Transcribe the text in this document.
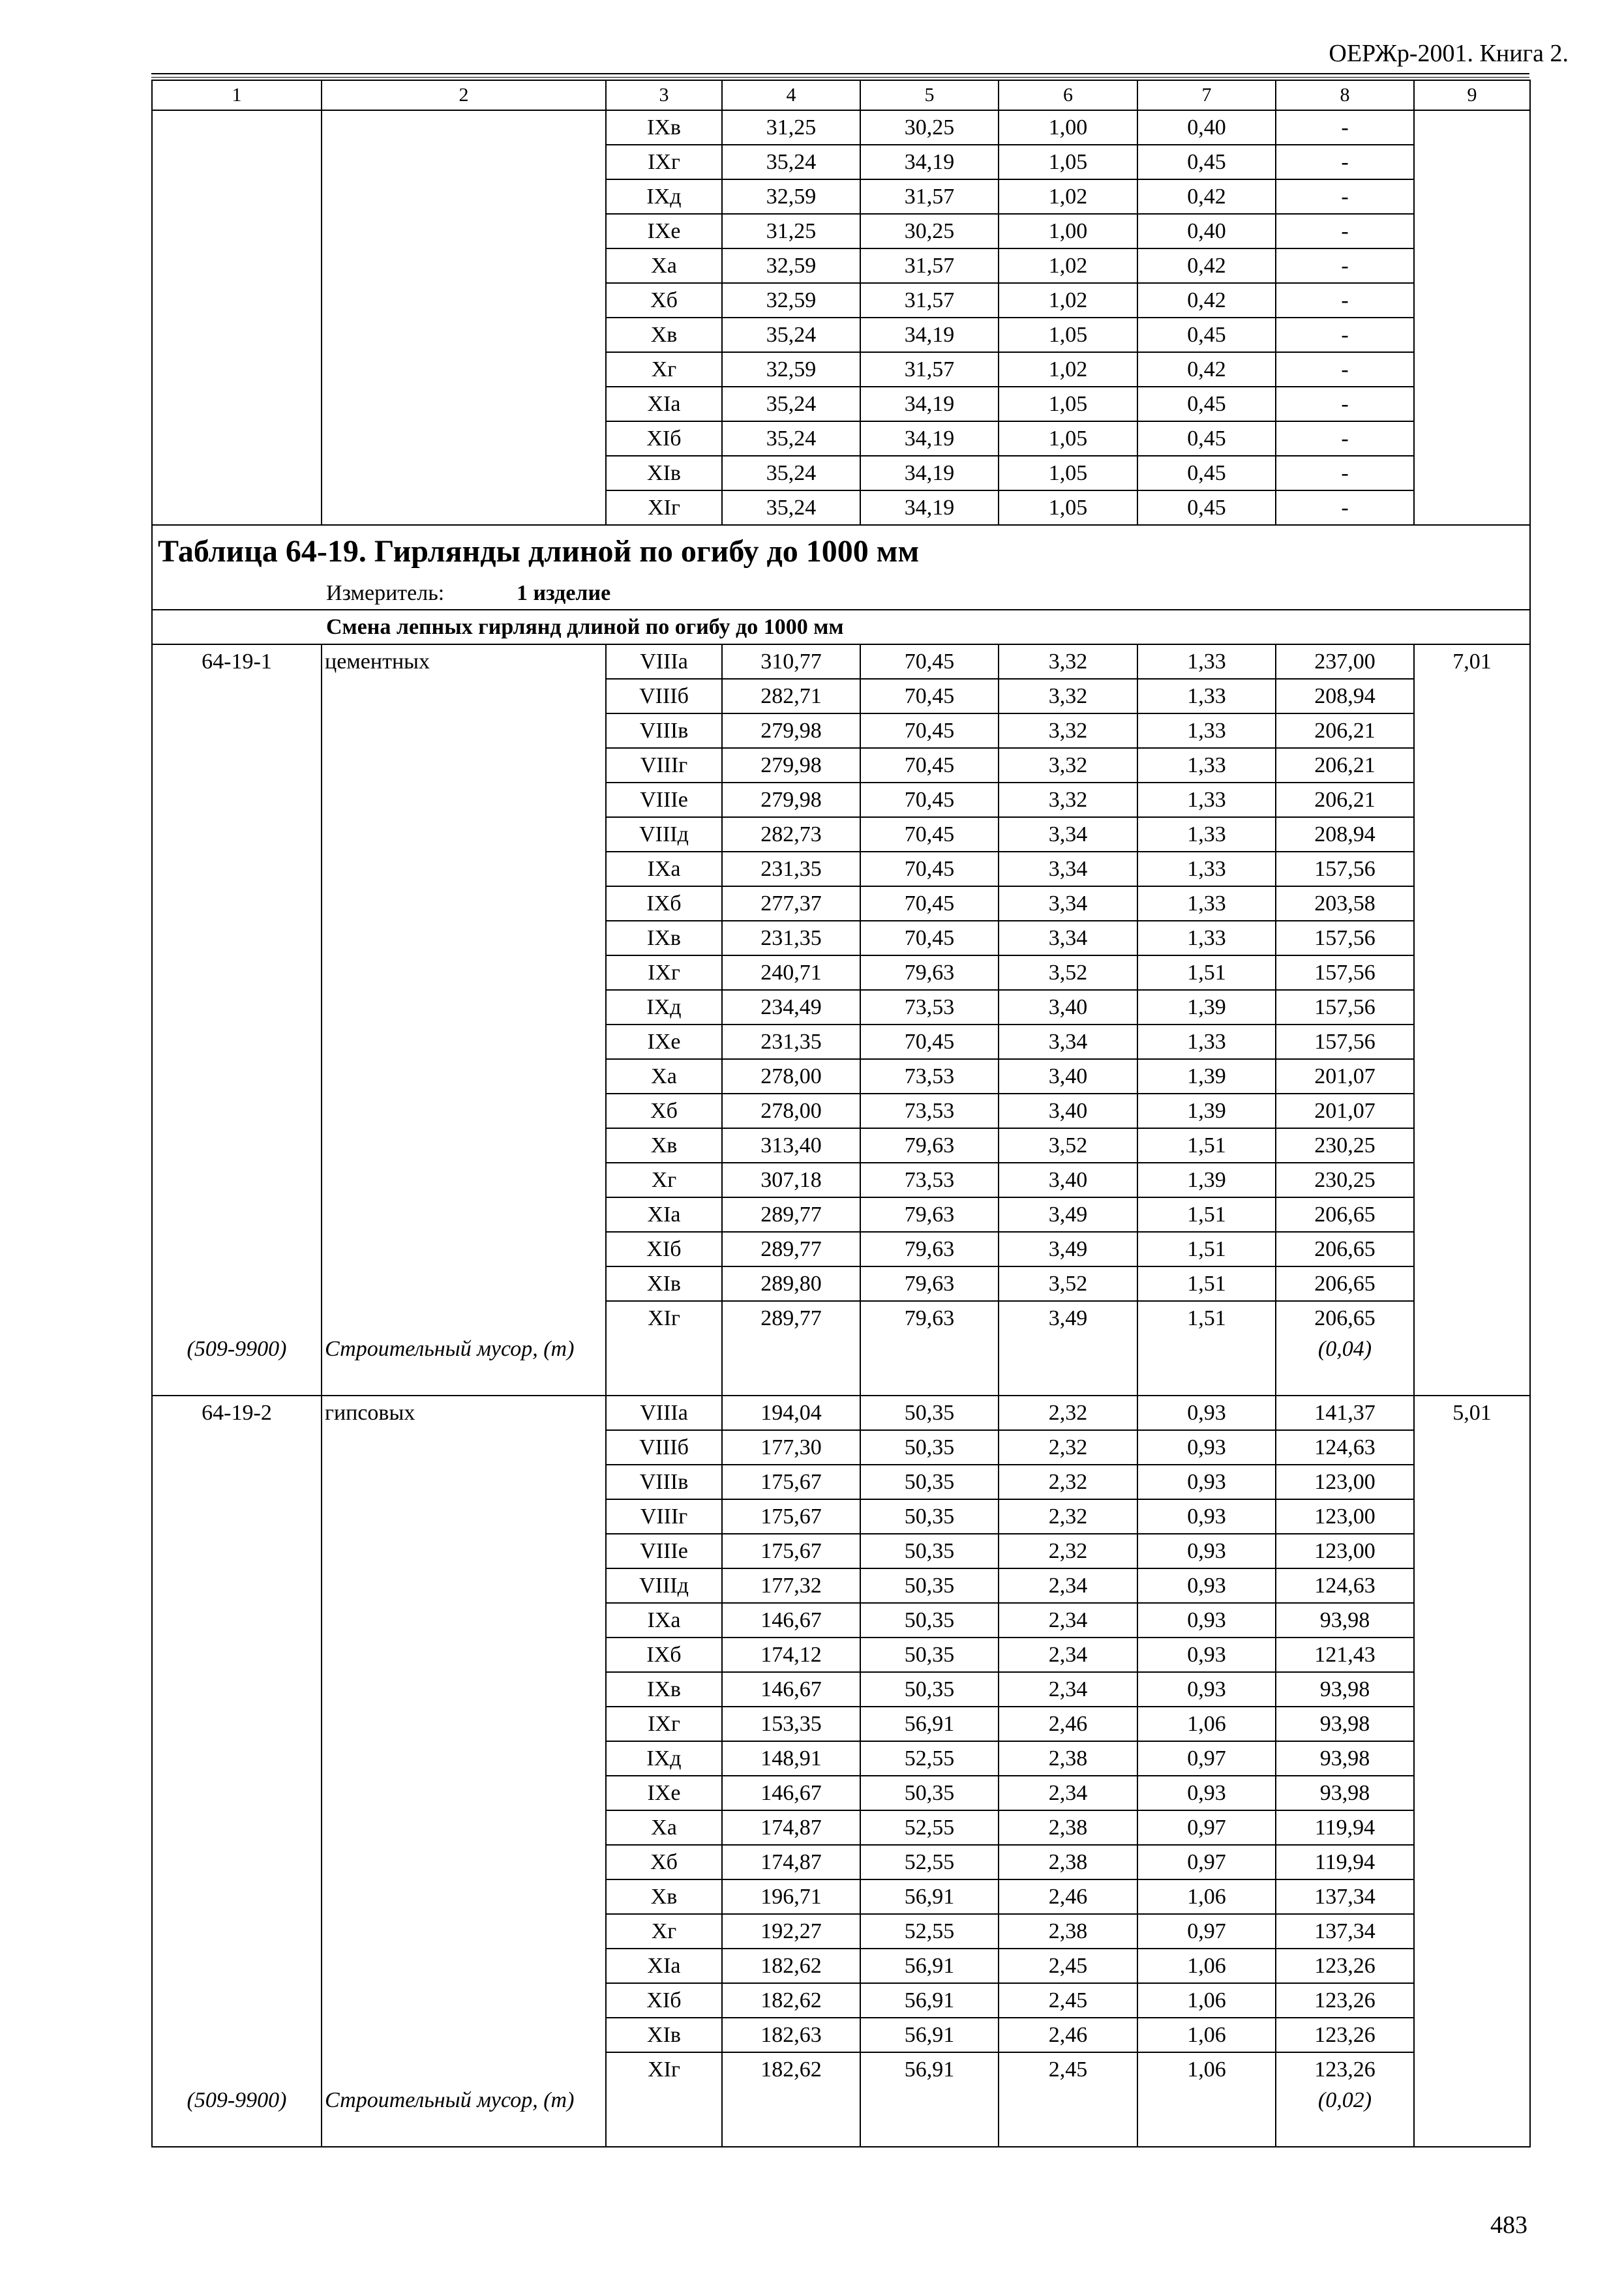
ОЕРЖр-2001. Книга 2.
1	2	3	4	5	6	7	8	9
		IXв	31,25	30,25	1,00	0,40	-	
		IXг	35,24	34,19	1,05	0,45	-	
		IXд	32,59	31,57	1,02	0,42	-	
		IXе	31,25	30,25	1,00	0,40	-	
		Xа	32,59	31,57	1,02	0,42	-	
		Xб	32,59	31,57	1,02	0,42	-	
		Xв	35,24	34,19	1,05	0,45	-	
		Xг	32,59	31,57	1,02	0,42	-	
		XIа	35,24	34,19	1,05	0,45	-	
		XIб	35,24	34,19	1,05	0,45	-	
		XIв	35,24	34,19	1,05	0,45	-	
		XIг	35,24	34,19	1,05	0,45	-	
Таблица 64-19. Гирлянды длиной по огибу до 1000 мм								
Измеритель: 1 изделие								
Смена лепных гирлянд длиной по огибу до 1000 мм								
64-19-1	цементных	VIIIа	310,77	70,45	3,32	1,33	237,00	7,01
		VIIIб	282,71	70,45	3,32	1,33	208,94	
		VIIIв	279,98	70,45	3,32	1,33	206,21	
		VIIIг	279,98	70,45	3,32	1,33	206,21	
		VIIIе	279,98	70,45	3,32	1,33	206,21	
		VIIIд	282,73	70,45	3,34	1,33	208,94	
		IXа	231,35	70,45	3,34	1,33	157,56	
		IXб	277,37	70,45	3,34	1,33	203,58	
		IXв	231,35	70,45	3,34	1,33	157,56	
		IXг	240,71	79,63	3,52	1,51	157,56	
		IXд	234,49	73,53	3,40	1,39	157,56	
		IXе	231,35	70,45	3,34	1,33	157,56	
		Xа	278,00	73,53	3,40	1,39	201,07	
		Xб	278,00	73,53	3,40	1,39	201,07	
		Xв	313,40	79,63	3,52	1,51	230,25	
		Xг	307,18	73,53	3,40	1,39	230,25	
		XIа	289,77	79,63	3,49	1,51	206,65	
		XIб	289,77	79,63	3,49	1,51	206,65	
		XIв	289,80	79,63	3,52	1,51	206,65	
		XIг	289,77	79,63	3,49	1,51	206,65	
(509-9900)	Строительный мусор, (т)						(0,04)	
64-19-2	гипсовых	VIIIа	194,04	50,35	2,32	0,93	141,37	5,01
		VIIIб	177,30	50,35	2,32	0,93	124,63	
		VIIIв	175,67	50,35	2,32	0,93	123,00	
		VIIIг	175,67	50,35	2,32	0,93	123,00	
		VIIIе	175,67	50,35	2,32	0,93	123,00	
		VIIIд	177,32	50,35	2,34	0,93	124,63	
		IXа	146,67	50,35	2,34	0,93	93,98	
		IXб	174,12	50,35	2,34	0,93	121,43	
		IXв	146,67	50,35	2,34	0,93	93,98	
		IXг	153,35	56,91	2,46	1,06	93,98	
		IXд	148,91	52,55	2,38	0,97	93,98	
		IXе	146,67	50,35	2,34	0,93	93,98	
		Xа	174,87	52,55	2,38	0,97	119,94	
		Xб	174,87	52,55	2,38	0,97	119,94	
		Xв	196,71	56,91	2,46	1,06	137,34	
		Xг	192,27	52,55	2,38	0,97	137,34	
		XIа	182,62	56,91	2,45	1,06	123,26	
		XIб	182,62	56,91	2,45	1,06	123,26	
		XIв	182,63	56,91	2,46	1,06	123,26	
		XIг	182,62	56,91	2,45	1,06	123,26	
(509-9900)	Строительный мусор, (т)						(0,02)	
483
